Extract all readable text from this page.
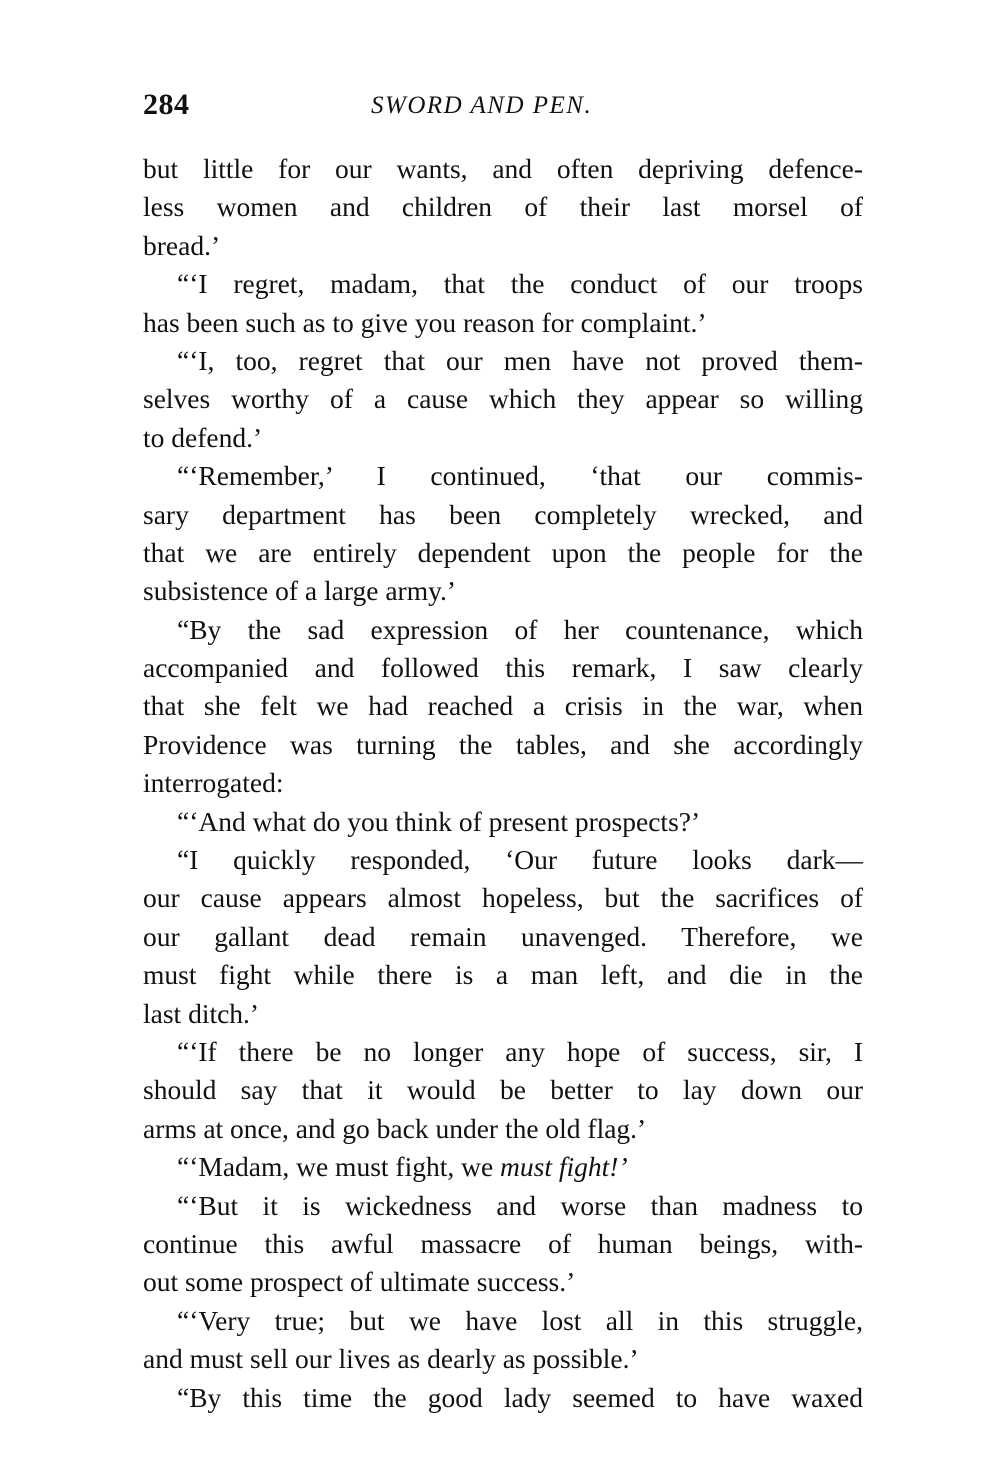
284	SWORD AND PEN.
but little for our wants, and often depriving defence-
less women and children of their last morsel of
bread.’
“‘I regret, madam, that the conduct of our troops
has been such as to give you reason for complaint.’
“‘I, too, regret that our men have not proved them-
selves worthy of a cause which they appear so willing
to defend.’
“‘Remember,’ I continued, ‘that our commis-
sary department has been completely wrecked, and
that we are entirely dependent upon the people for the
subsistence of a large army.’
“By the sad expression of her countenance, which
accompanied and followed this remark, I saw clearly
that she felt we had reached a crisis in the war, when
Providence was turning the tables, and she accordingly
interrogated:
“‘And what do you think of present prospects?’
“I quickly responded, ‘Our future looks dark—
our cause appears almost hopeless, but the sacrifices of
our gallant dead remain unavenged. Therefore, we
must fight while there is a man left, and die in the
last ditch.’
“‘If there be no longer any hope of success, sir, I
should say that it would be better to lay down our
arms at once, and go back under the old flag.’
“‘Madam, we must fight, we must fight!’
“‘But it is wickedness and worse than madness to
continue this awful massacre of human beings, with-
out some prospect of ultimate success.’
“‘Very true; but we have lost all in this struggle,
and must sell our lives as dearly as possible.’
“By this time the good lady seemed to have waxed
